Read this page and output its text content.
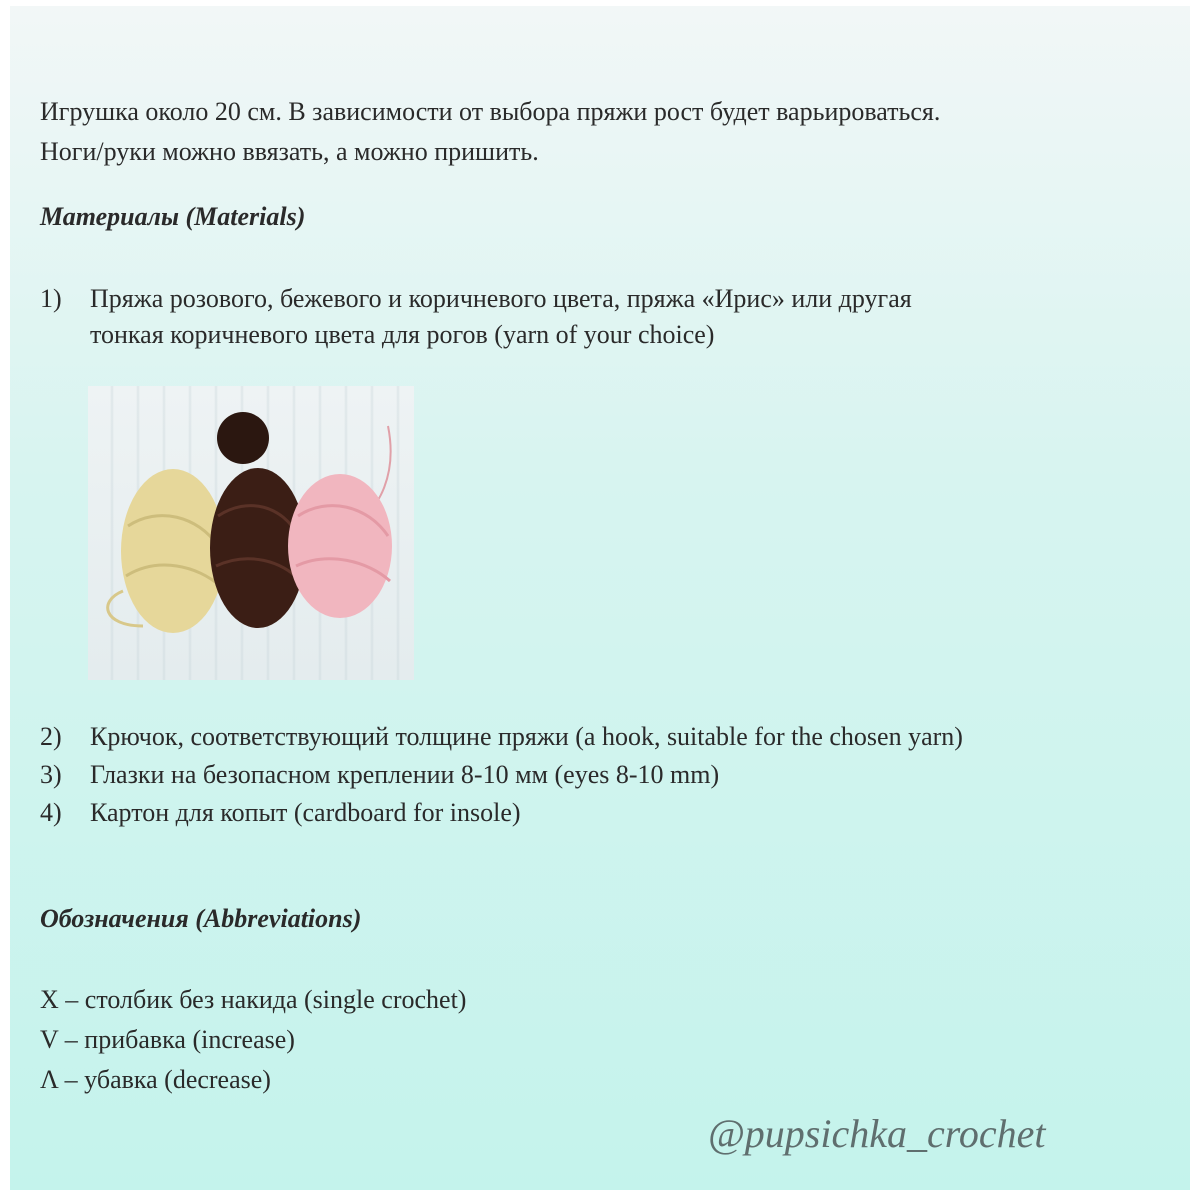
Игрушка около 20 см. В зависимости от выбора пряжи рост будет варьироваться.
Ноги/руки можно ввязать, а можно пришить.
Материалы (Materials)
1) Пряжа розового, бежевого и коричневого цвета, пряжа «Ирис» или другая
тонкая коричневого цвета для рогов (yarn of your choice)
2) Крючок, соответствующий толщине пряжи (a hook, suitable for the chosen yarn)
3) Глазки на безопасном креплении 8-10 мм (eyes 8-10 mm)
4) Картон для копыт (cardboard for insole)
Обозначения (Abbreviations)
X – столбик без накида (single crochet)
V – прибавка (increase)
Λ – убавка (decrease)
@pupsichka_crochet
